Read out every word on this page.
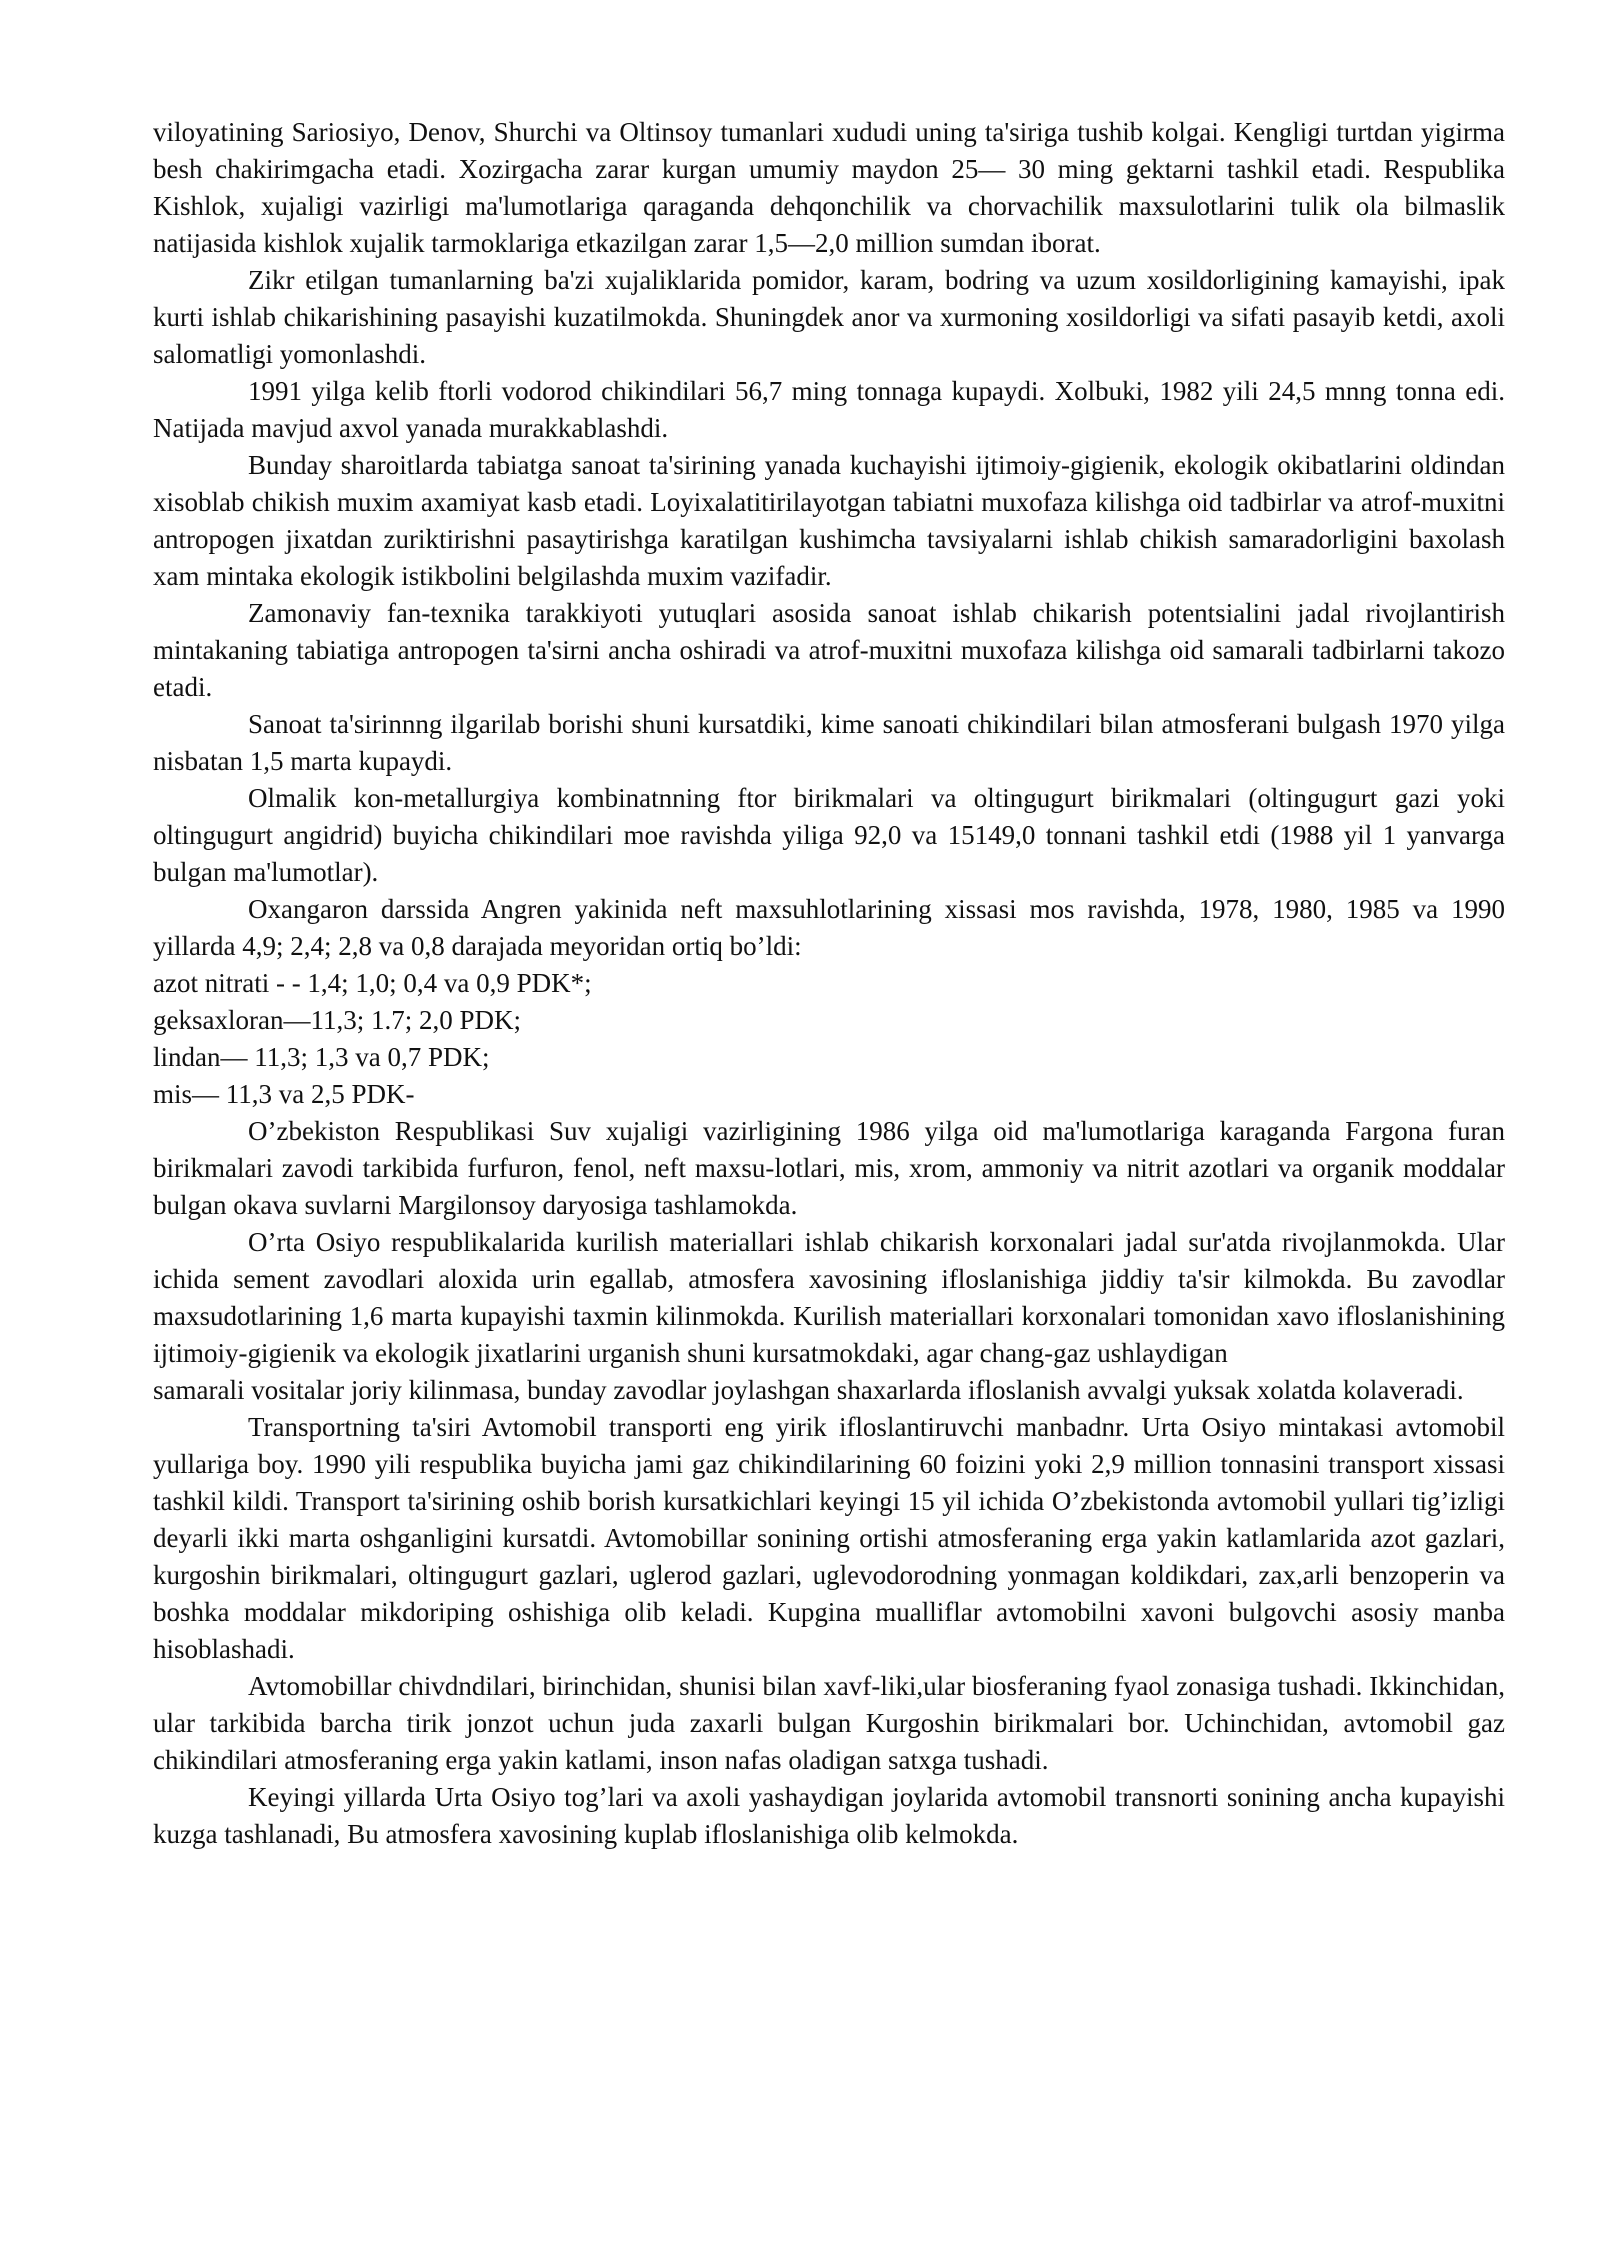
viloyatining Sariosiyo, Denov, Shurchi va Oltinsoy tumanlari xududi uning ta'siriga tushib kolgai. Kengligi turtdan yigirma besh chakirimgacha etadi. Xozirgacha zarar kurgan umumiy maydon 25— 30 ming gektarni tashkil etadi. Respublika Kishlok, xujaligi vazirligi ma'lumotlariga qaraganda dehqonchilik va chorvachilik maxsulotlarini tulik ola bilmaslik natijasida kishlok xujalik tarmoklariga etkazilgan zarar 1,5—2,0 million sumdan iborat.

Zikr etilgan tumanlarning ba'zi xujaliklarida pomidor, karam, bodring va uzum xosildorligining kamayishi, ipak kurti ishlab chikarishining pasayishi kuzatilmokda. Shuningdek anor va xurmoning xosildorligi va sifati pasayib ketdi, axoli salomatligi yomonlashdi.

1991 yilga kelib ftorli vodorod chikindilari 56,7 ming tonnaga kupaydi. Xolbuki, 1982 yili 24,5 mnng tonna edi. Natijada mavjud axvol yanada murakkablashdi.

Bunday sharoitlarda tabiatga sanoat ta'sirining yanada kuchayishi ijtimoiy-gigienik, ekologik okibatlarini oldindan xisoblab chikish muxim axamiyat kasb etadi. Loyixalatitirilayotgan tabiatni muxofaza kilishga oid tadbirlar va atrof-muxitni antropogen jixatdan zuriktirishni pasaytirishga karatilgan kushimcha tavsiyalarni ishlab chikish samaradorligini baxolash xam mintaka ekologik istikbolini belgilashda muxim vazifadir.

Zamonaviy fan-texnika tarakkiyoti yutuqlari asosida sanoat ishlab chikarish potentsialini jadal rivojlantirish mintakaning tabiatiga antropogen ta'sirni ancha oshiradi va atrof-muxitni muxofaza kilishga oid samarali tadbirlarni takozo etadi.

Sanoat ta'sirinnng ilgarilab borishi shuni kursatdiki, kime sanoati chikindilari bilan atmosferani bulgash 1970 yilga nisbatan 1,5 marta kupaydi.

Olmalik kon-metallurgiya kombinatnning ftor birikmalari va oltingugurt birikmalari (oltingugurt gazi yoki oltingugurt angidrid) buyicha chikindilari moe ravishda yiliga 92,0 va 15149,0 tonnani tashkil etdi (1988 yil 1 yanvarga bulgan ma'lumotlar).

Oxangaron darssida Angren yakinida neft maxsuhlotlarining xissasi mos ravishda, 1978, 1980, 1985 va 1990 yillarda 4,9; 2,4; 2,8 va 0,8 darajada meyoridan ortiq bo’ldi:

azot nitrati - - 1,4; 1,0; 0,4 va 0,9 PDK*;

geksaxloran—11,3; 1.7; 2,0 PDK;

lindan— 11,3; 1,3 va 0,7 PDK;

mis— 11,3 va 2,5 PDK-

O’zbekiston Respublikasi Suv xujaligi vazirligining 1986 yilga oid ma'lumotlariga karaganda Fargona furan birikmalari zavodi tarkibida furfuron, fenol, neft maxsu-lotlari, mis, xrom, ammoniy va nitrit azotlari va organik moddalar bulgan okava suvlarni Margilonsoy daryosiga tashlamokda.

O’rta Osiyo respublikalarida kurilish materiallari ishlab chikarish korxonalari jadal sur'atda rivojlanmokda. Ular ichida sement zavodlari aloxida urin egallab, atmosfera xavosining ifloslanishiga jiddiy ta'sir kilmokda. Bu zavodlar maxsudotlarining 1,6 marta kupayishi taxmin kilinmokda. Kurilish materiallari korxonalari tomonidan xavo ifloslanishining ijtimoiy-gigienik va ekologik jixatlarini urganish shuni kursatmokdaki, agar chang-gaz ushlaydigan

samarali vositalar joriy kilinmasa, bunday zavodlar joylashgan shaxarlarda ifloslanish avvalgi yuksak xolatda kolaveradi.

Transportning ta'siri Avtomobil transporti eng yirik ifloslantiruvchi manbadnr. Urta Osiyo mintakasi avtomobil yullariga boy. 1990 yili respublika buyicha jami gaz chikindilarining 60 foizini yoki 2,9 million tonnasini transport xissasi tashkil kildi. Transport ta'sirining oshib borish kursatkichlari keyingi 15 yil ichida O’zbekistonda avtomobil yullari tig’izligi deyarli ikki marta oshganligini kursatdi. Avtomobillar sonining ortishi atmosferaning erga yakin katlamlarida azot gazlari, kurgoshin birikmalari, oltingugurt gazlari, uglerod gazlari, uglevodorodning yonmagan koldikdari, zax,arli benzoperin va boshka moddalar mikdoriping oshishiga olib keladi. Kupgina mualliflar avtomobilni xavoni bulgovchi asosiy manba hisoblashadi.

Avtomobillar chivdndilari, birinchidan, shunisi bilan xavf-liki,ular biosferaning fyaol zonasiga tushadi. Ikkinchidan, ular tarkibida barcha tirik jonzot uchun juda zaxarli bulgan Kurgoshin birikmalari bor. Uchinchidan, avtomobil gaz chikindilari atmosferaning erga yakin katlami, inson nafas oladigan satxga tushadi.

Keyingi yillarda Urta Osiyo tog’lari va axoli yashaydigan joylarida avtomobil transnorti sonining ancha kupayishi kuzga tashlanadi, Bu atmosfera xavosining kuplab ifloslanishiga olib kelmokda.
